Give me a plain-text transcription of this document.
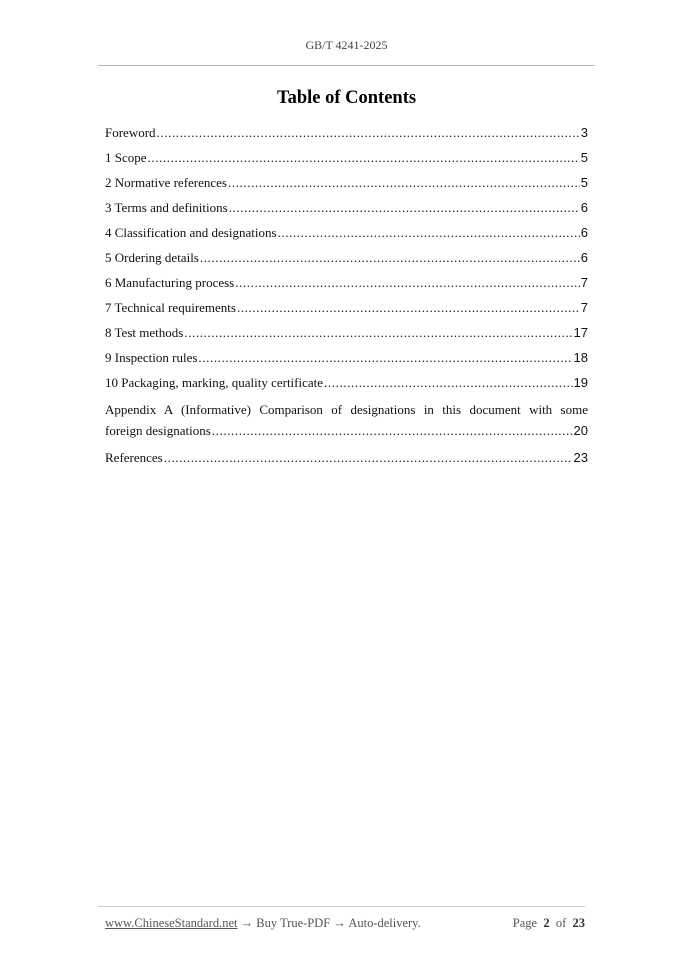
GB/T 4241-2025
Table of Contents
Foreword .....	3
1 Scope .....	5
2 Normative references .....	5
3 Terms and definitions .....	6
4 Classification and designations .....	6
5 Ordering details .....	6
6 Manufacturing process .....	7
7 Technical requirements .....	7
8 Test methods .....	17
9 Inspection rules .....	18
10 Packaging, marking, quality certificate .....	19
Appendix A (Informative) Comparison of designations in this document with some
foreign designations .....	20
References .....	23
www.ChineseStandard.net → Buy True-PDF → Auto-delivery.	Page 2 of 23
